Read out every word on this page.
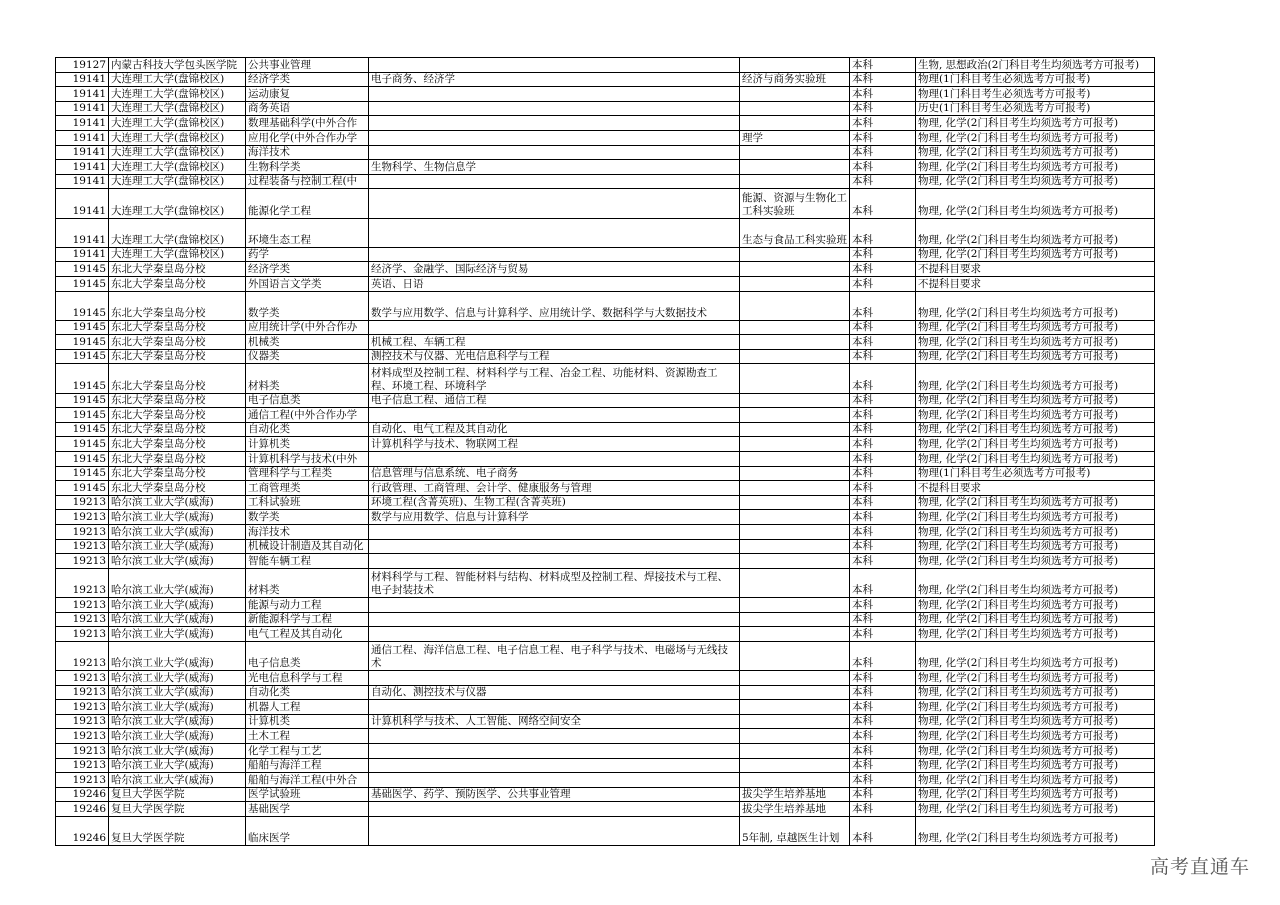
19127	内蒙古科技大学包头医学院	公共事业管理			本科	生物, 思想政治(2门科目考生均须选考方可报考)
19141	大连理工大学(盘锦校区)	经济学类	电子商务、经济学	经济与商务实验班	本科	物理(1门科目考生必须选考方可报考)
19141	大连理工大学(盘锦校区)	运动康复			本科	物理(1门科目考生必须选考方可报考)
19141	大连理工大学(盘锦校区)	商务英语			本科	历史(1门科目考生必须选考方可报考)
19141	大连理工大学(盘锦校区)	数理基础科学(中外合作			本科	物理, 化学(2门科目考生均须选考方可报考)
19141	大连理工大学(盘锦校区)	应用化学(中外合作办学		理学	本科	物理, 化学(2门科目考生均须选考方可报考)
19141	大连理工大学(盘锦校区)	海洋技术			本科	物理, 化学(2门科目考生均须选考方可报考)
19141	大连理工大学(盘锦校区)	生物科学类	生物科学、生物信息学		本科	物理, 化学(2门科目考生均须选考方可报考)
19141	大连理工大学(盘锦校区)	过程装备与控制工程(中			本科	物理, 化学(2门科目考生均须选考方可报考)
19141	大连理工大学(盘锦校区)	能源化学工程		能源、资源与生物化工工科实验班	本科	物理, 化学(2门科目考生均须选考方可报考)
19141	大连理工大学(盘锦校区)	环境生态工程		生态与食品工科实验班	本科	物理, 化学(2门科目考生均须选考方可报考)
19141	大连理工大学(盘锦校区)	药学			本科	物理, 化学(2门科目考生均须选考方可报考)
19145	东北大学秦皇岛分校	经济学类	经济学、金融学、国际经济与贸易		本科	不提科目要求
19145	东北大学秦皇岛分校	外国语言文学类	英语、日语		本科	不提科目要求
19145	东北大学秦皇岛分校	数学类	数学与应用数学、信息与计算科学、应用统计学、数据科学与大数据技术		本科	物理, 化学(2门科目考生均须选考方可报考)
19145	东北大学秦皇岛分校	应用统计学(中外合作办			本科	物理, 化学(2门科目考生均须选考方可报考)
19145	东北大学秦皇岛分校	机械类	机械工程、车辆工程		本科	物理, 化学(2门科目考生均须选考方可报考)
19145	东北大学秦皇岛分校	仪器类	测控技术与仪器、光电信息科学与工程		本科	物理, 化学(2门科目考生均须选考方可报考)
19145	东北大学秦皇岛分校	材料类	材料成型及控制工程、材料科学与工程、冶金工程、功能材料、资源勘查工程、环境工程、环境科学		本科	物理, 化学(2门科目考生均须选考方可报考)
19145	东北大学秦皇岛分校	电子信息类	电子信息工程、通信工程		本科	物理, 化学(2门科目考生均须选考方可报考)
19145	东北大学秦皇岛分校	通信工程(中外合作办学			本科	物理, 化学(2门科目考生均须选考方可报考)
19145	东北大学秦皇岛分校	自动化类	自动化、电气工程及其自动化		本科	物理, 化学(2门科目考生均须选考方可报考)
19145	东北大学秦皇岛分校	计算机类	计算机科学与技术、物联网工程		本科	物理, 化学(2门科目考生均须选考方可报考)
19145	东北大学秦皇岛分校	计算机科学与技术(中外			本科	物理, 化学(2门科目考生均须选考方可报考)
19145	东北大学秦皇岛分校	管理科学与工程类	信息管理与信息系统、电子商务		本科	物理(1门科目考生必须选考方可报考)
19145	东北大学秦皇岛分校	工商管理类	行政管理、工商管理、会计学、健康服务与管理		本科	不提科目要求
19213	哈尔滨工业大学(威海)	工科试验班	环境工程(含菁英班)、生物工程(含菁英班)		本科	物理, 化学(2门科目考生均须选考方可报考)
19213	哈尔滨工业大学(威海)	数学类	数学与应用数学、信息与计算科学		本科	物理, 化学(2门科目考生均须选考方可报考)
19213	哈尔滨工业大学(威海)	海洋技术			本科	物理, 化学(2门科目考生均须选考方可报考)
19213	哈尔滨工业大学(威海)	机械设计制造及其自动化			本科	物理, 化学(2门科目考生均须选考方可报考)
19213	哈尔滨工业大学(威海)	智能车辆工程			本科	物理, 化学(2门科目考生均须选考方可报考)
19213	哈尔滨工业大学(威海)	材料类	材料科学与工程、智能材料与结构、材料成型及控制工程、焊接技术与工程、电子封装技术		本科	物理, 化学(2门科目考生均须选考方可报考)
19213	哈尔滨工业大学(威海)	能源与动力工程			本科	物理, 化学(2门科目考生均须选考方可报考)
19213	哈尔滨工业大学(威海)	新能源科学与工程			本科	物理, 化学(2门科目考生均须选考方可报考)
19213	哈尔滨工业大学(威海)	电气工程及其自动化			本科	物理, 化学(2门科目考生均须选考方可报考)
19213	哈尔滨工业大学(威海)	电子信息类	通信工程、海洋信息工程、电子信息工程、电子科学与技术、电磁场与无线技术		本科	物理, 化学(2门科目考生均须选考方可报考)
19213	哈尔滨工业大学(威海)	光电信息科学与工程			本科	物理, 化学(2门科目考生均须选考方可报考)
19213	哈尔滨工业大学(威海)	自动化类	自动化、测控技术与仪器		本科	物理, 化学(2门科目考生均须选考方可报考)
19213	哈尔滨工业大学(威海)	机器人工程			本科	物理, 化学(2门科目考生均须选考方可报考)
19213	哈尔滨工业大学(威海)	计算机类	计算机科学与技术、人工智能、网络空间安全		本科	物理, 化学(2门科目考生均须选考方可报考)
19213	哈尔滨工业大学(威海)	土木工程			本科	物理, 化学(2门科目考生均须选考方可报考)
19213	哈尔滨工业大学(威海)	化学工程与工艺			本科	物理, 化学(2门科目考生均须选考方可报考)
19213	哈尔滨工业大学(威海)	船舶与海洋工程			本科	物理, 化学(2门科目考生均须选考方可报考)
19213	哈尔滨工业大学(威海)	船舶与海洋工程(中外合			本科	物理, 化学(2门科目考生均须选考方可报考)
19246	复旦大学医学院	医学试验班	基础医学、药学、预防医学、公共事业管理	拔尖学生培养基地	本科	物理, 化学(2门科目考生均须选考方可报考)
19246	复旦大学医学院	基础医学		拔尖学生培养基地	本科	物理, 化学(2门科目考生均须选考方可报考)
19246	复旦大学医学院	临床医学		5年制, 卓越医生计划	本科	物理, 化学(2门科目考生均须选考方可报考)
高考直通车
